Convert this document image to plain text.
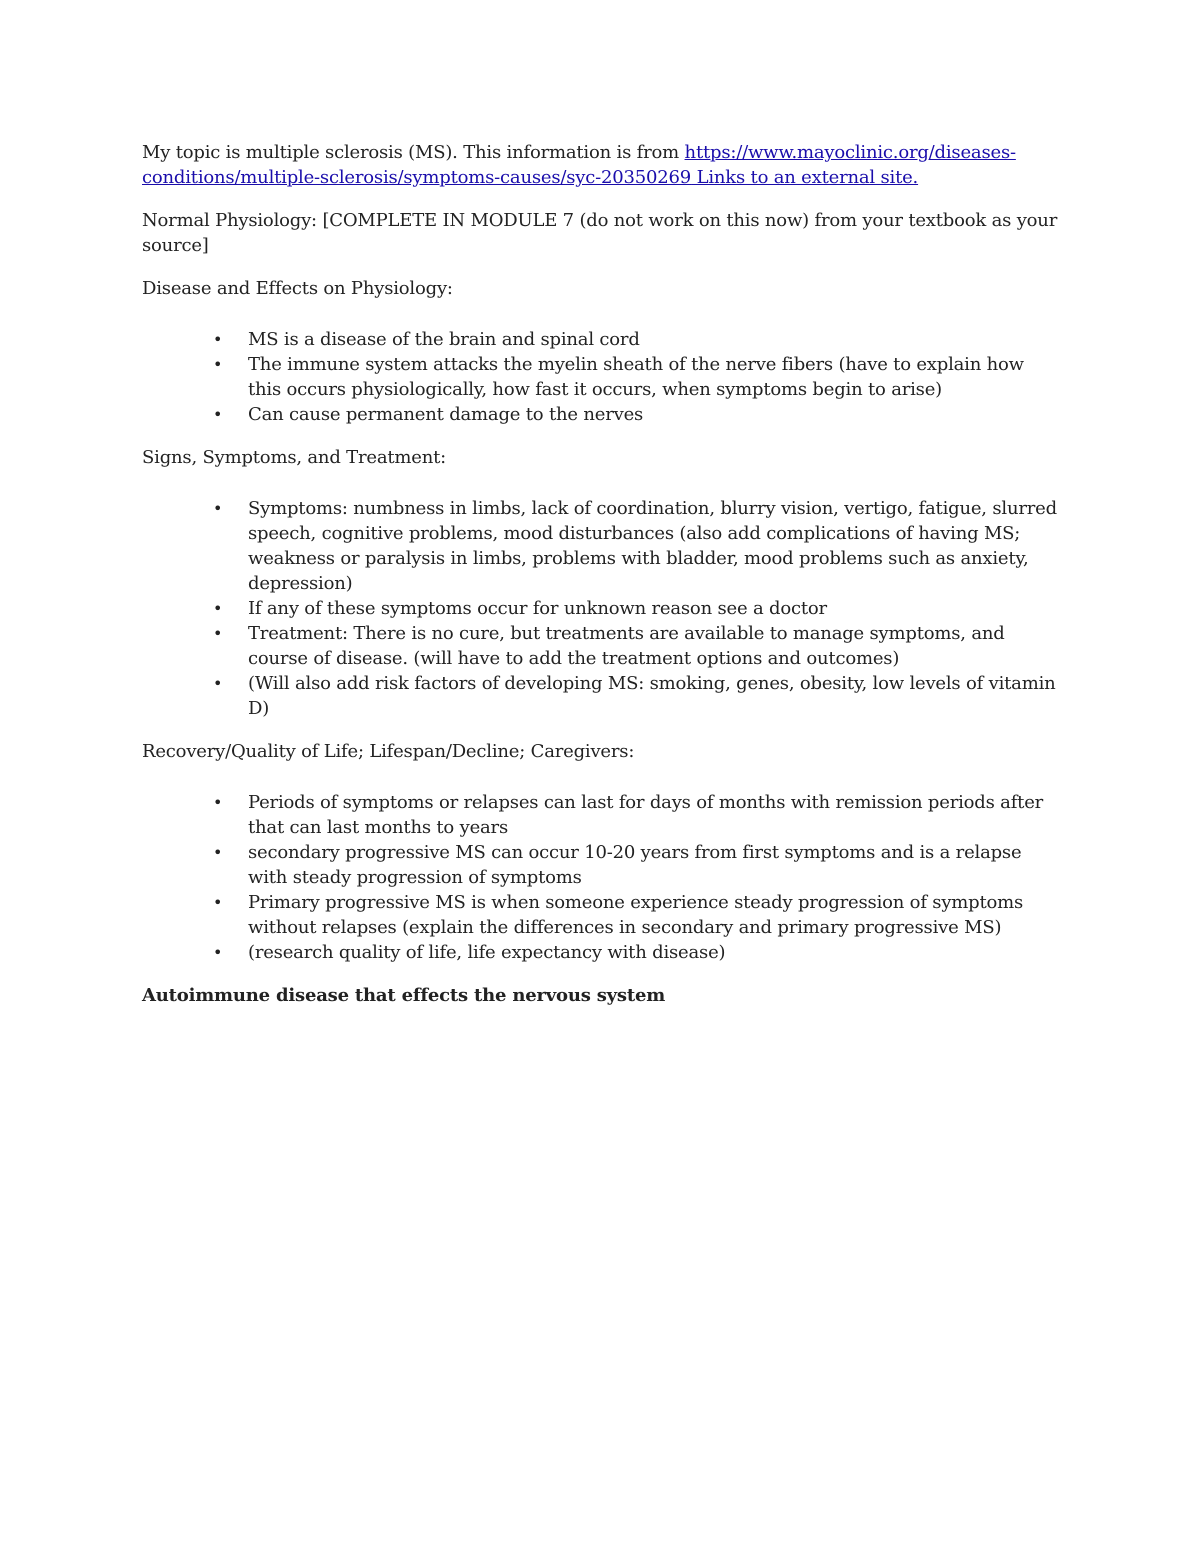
My topic is multiple sclerosis (MS). This information is from https://www.mayoclinic.org/diseases-conditions/multiple-sclerosis/symptoms-causes/syc-20350269 Links to an external site.

Normal Physiology: [COMPLETE IN MODULE 7 (do not work on this now) from your textbook as your source]

Disease and Effects on Physiology:

• MS is a disease of the brain and spinal cord
• The immune system attacks the myelin sheath of the nerve fibers (have to explain how this occurs physiologically, how fast it occurs, when symptoms begin to arise)
• Can cause permanent damage to the nerves

Signs, Symptoms, and Treatment:

• Symptoms: numbness in limbs, lack of coordination, blurry vision, vertigo, fatigue, slurred speech, cognitive problems, mood disturbances (also add complications of having MS; weakness or paralysis in limbs, problems with bladder, mood problems such as anxiety, depression)
• If any of these symptoms occur for unknown reason see a doctor
• Treatment: There is no cure, but treatments are available to manage symptoms, and course of disease. (will have to add the treatment options and outcomes)
• (Will also add risk factors of developing MS: smoking, genes, obesity, low levels of vitamin D)

Recovery/Quality of Life; Lifespan/Decline; Caregivers:

• Periods of symptoms or relapses can last for days of months with remission periods after that can last months to years
• secondary progressive MS can occur 10-20 years from first symptoms and is a relapse with steady progression of symptoms
• Primary progressive MS is when someone experience steady progression of symptoms without relapses (explain the differences in secondary and primary progressive MS)
• (research quality of life, life expectancy with disease)

Autoimmune disease that effects the nervous system
